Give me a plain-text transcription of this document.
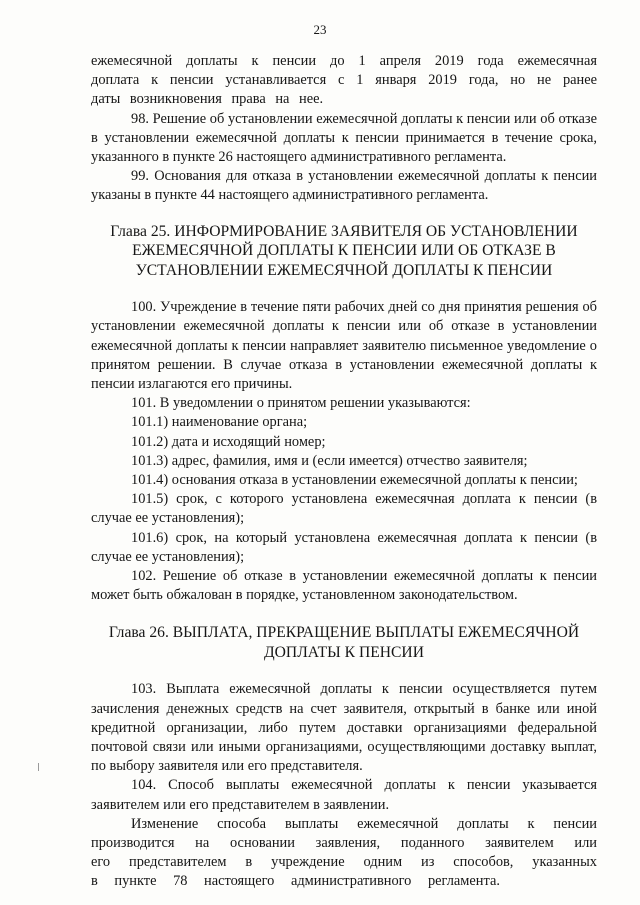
23

ежемесячной доплаты к пенсии до 1 апреля 2019 года ежемесячная доплата к пенсии устанавливается с 1 января 2019 года, но не ранее даты возникновения права на нее.

98. Решение об установлении ежемесячной доплаты к пенсии или об отказе в установлении ежемесячной доплаты к пенсии принимается в течение срока, указанного в пункте 26 настоящего административного регламента.

99. Основания для отказа в установлении ежемесячной доплаты к пенсии указаны в пункте 44 настоящего административного регламента.

Глава 25. ИНФОРМИРОВАНИЕ ЗАЯВИТЕЛЯ ОБ УСТАНОВЛЕНИИ
ЕЖЕМЕСЯЧНОЙ ДОПЛАТЫ К ПЕНСИИ ИЛИ ОБ ОТКАЗЕ В
УСТАНОВЛЕНИИ ЕЖЕМЕСЯЧНОЙ ДОПЛАТЫ К ПЕНСИИ

100. Учреждение в течение пяти рабочих дней со дня принятия решения об установлении ежемесячной доплаты к пенсии или об отказе в установлении ежемесячной доплаты к пенсии направляет заявителю письменное уведомление о принятом решении. В случае отказа в установлении ежемесячной доплаты к пенсии излагаются его причины.

101. В уведомлении о принятом решении указываются:

101.1) наименование органа;

101.2) дата и исходящий номер;

101.3) адрес, фамилия, имя и (если имеется) отчество заявителя;

101.4) основания отказа в установлении ежемесячной доплаты к пенсии;

101.5) срок, с которого установлена ежемесячная доплата к пенсии (в случае ее установления);

101.6) срок, на который установлена ежемесячная доплата к пенсии (в случае ее установления);

102. Решение об отказе в установлении ежемесячной доплаты к пенсии может быть обжалован в порядке, установленном законодательством.

Глава 26. ВЫПЛАТА, ПРЕКРАЩЕНИЕ ВЫПЛАТЫ ЕЖЕМЕСЯЧНОЙ
ДОПЛАТЫ К ПЕНСИИ

103. Выплата ежемесячной доплаты к пенсии осуществляется путем зачисления денежных средств на счет заявителя, открытый в банке или иной кредитной организации, либо путем доставки организациями федеральной почтовой связи или иными организациями, осуществляющими доставку выплат, по выбору заявителя или его представителя.

104. Способ выплаты ежемесячной доплаты к пенсии указывается заявителем или его представителем в заявлении.

Изменение способа выплаты ежемесячной доплаты к пенсии производится на основании заявления, поданного заявителем или его представителем в учреждение одним из способов, указанных в пункте 78 настоящего административного регламента.
